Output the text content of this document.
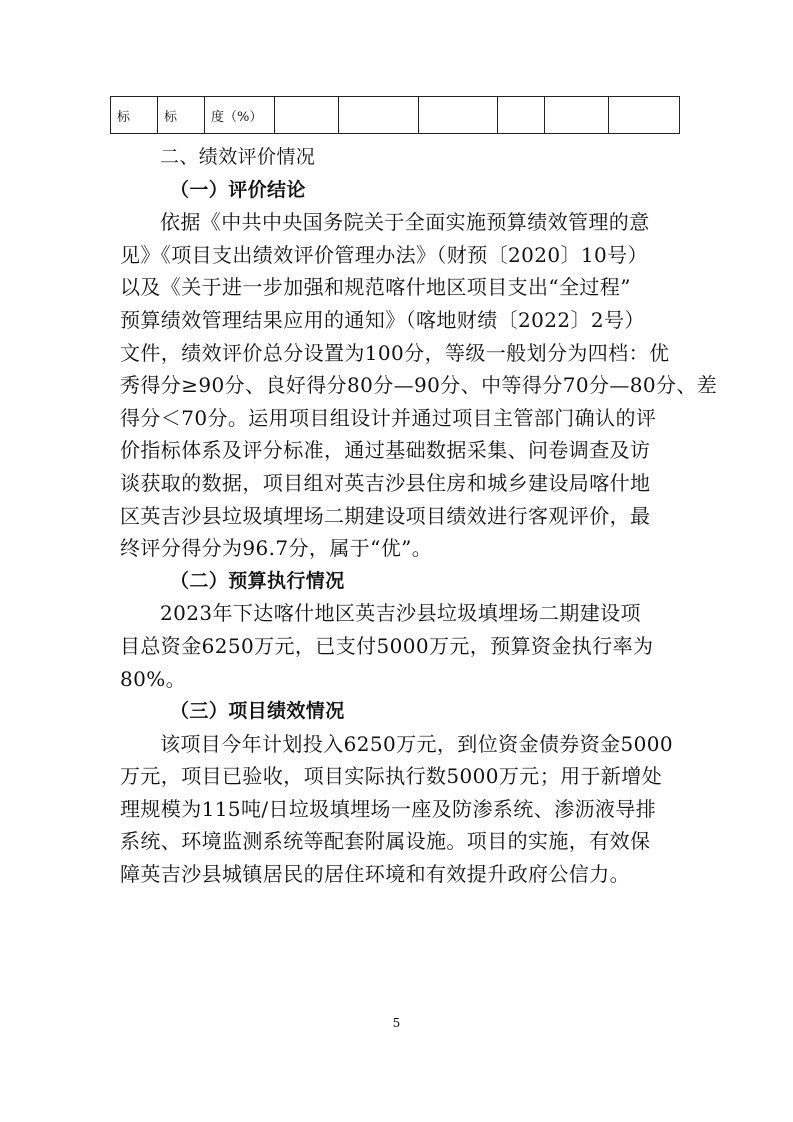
标	标	度（%）						
二、绩效评价情况
（一）评价结论
依据《中共中央国务院关于全面实施预算绩效管理的意
见》《项目支出绩效评价管理办法》（财预〔2020〕10号）
以及《关于进一步加强和规范喀什地区项目支出“全过程”
预算绩效管理结果应用的通知》（喀地财绩〔2022〕2号）
文件，绩效评价总分设置为100分，等级一般划分为四档：优
秀得分≥90分、良好得分80分—90分、中等得分70分—80分、差
得分＜70分。运用项目组设计并通过项目主管部门确认的评
价指标体系及评分标准，通过基础数据采集、问卷调查及访
谈获取的数据，项目组对英吉沙县住房和城乡建设局喀什地
区英吉沙县垃圾填埋场二期建设项目绩效进行客观评价，最
终评分得分为96.7分，属于“优”。
（二）预算执行情况
2023年下达喀什地区英吉沙县垃圾填埋场二期建设项
目总资金6250万元，已支付5000万元，预算资金执行率为
80%。
（三）项目绩效情况
该项目今年计划投入6250万元，到位资金债券资金5000
万元，项目已验收，项目实际执行数5000万元；用于新增处
理规模为115吨/日垃圾填埋场一座及防渗系统、渗沥液导排
系统、环境监测系统等配套附属设施。项目的实施，有效保
障英吉沙县城镇居民的居住环境和有效提升政府公信力。
5
